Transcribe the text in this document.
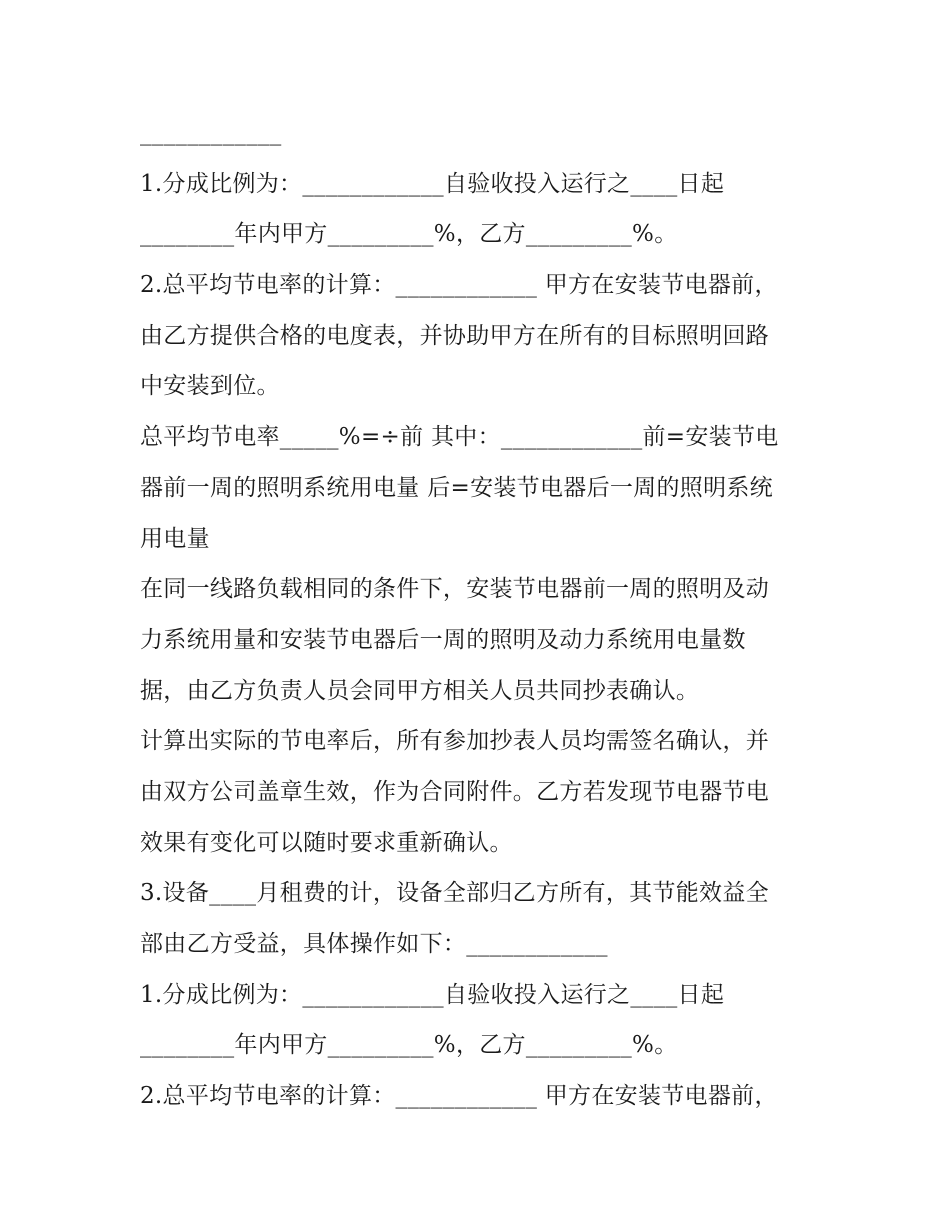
____________
1.分成比例为：____________自验收投入运行之____日起
________年内甲方_________%，乙方_________%。
2.总平均节电率的计算：____________ 甲方在安装节电器前，
由乙方提供合格的电度表，并协助甲方在所有的目标照明回路
中安装到位。
总平均节电率_____%=÷前 其中：____________前=安装节电
器前一周的照明系统用电量 后=安装节电器后一周的照明系统
用电量
在同一线路负载相同的条件下，安装节电器前一周的照明及动
力系统用量和安装节电器后一周的照明及动力系统用电量数
据，由乙方负责人员会同甲方相关人员共同抄表确认。
计算出实际的节电率后，所有参加抄表人员均需签名确认，并
由双方公司盖章生效，作为合同附件。乙方若发现节电器节电
效果有变化可以随时要求重新确认。
3.设备____月租费的计，设备全部归乙方所有，其节能效益全
部由乙方受益，具体操作如下：____________
1.分成比例为：____________自验收投入运行之____日起
________年内甲方_________%，乙方_________%。
2.总平均节电率的计算：____________ 甲方在安装节电器前，
